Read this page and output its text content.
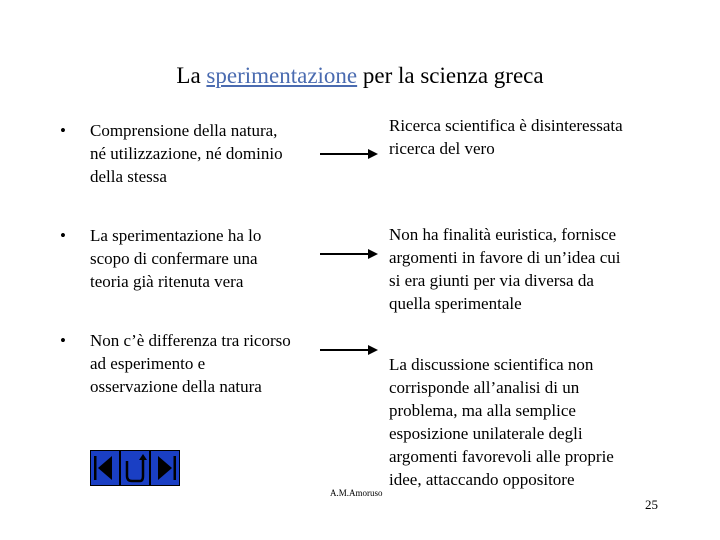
La sperimentazione per la scienza greca
• Comprensione della natura,
né utilizzazione, né dominio
della stessa
Ricerca scientifica è disinteressata
ricerca del vero
• La sperimentazione ha lo
scopo di confermare una
teoria già ritenuta vera
Non ha finalità euristica, fornisce
argomenti in favore di un’idea cui
si era giunti per via diversa da
quella sperimentale
• Non c’è differenza tra ricorso
ad esperimento e
osservazione della natura
La discussione scientifica non
corrisponde all’analisi di un
problema, ma alla semplice
esposizione unilaterale degli
argomenti favorevoli alle proprie
idee, attaccando oppositore
A.M.Amoruso
25
